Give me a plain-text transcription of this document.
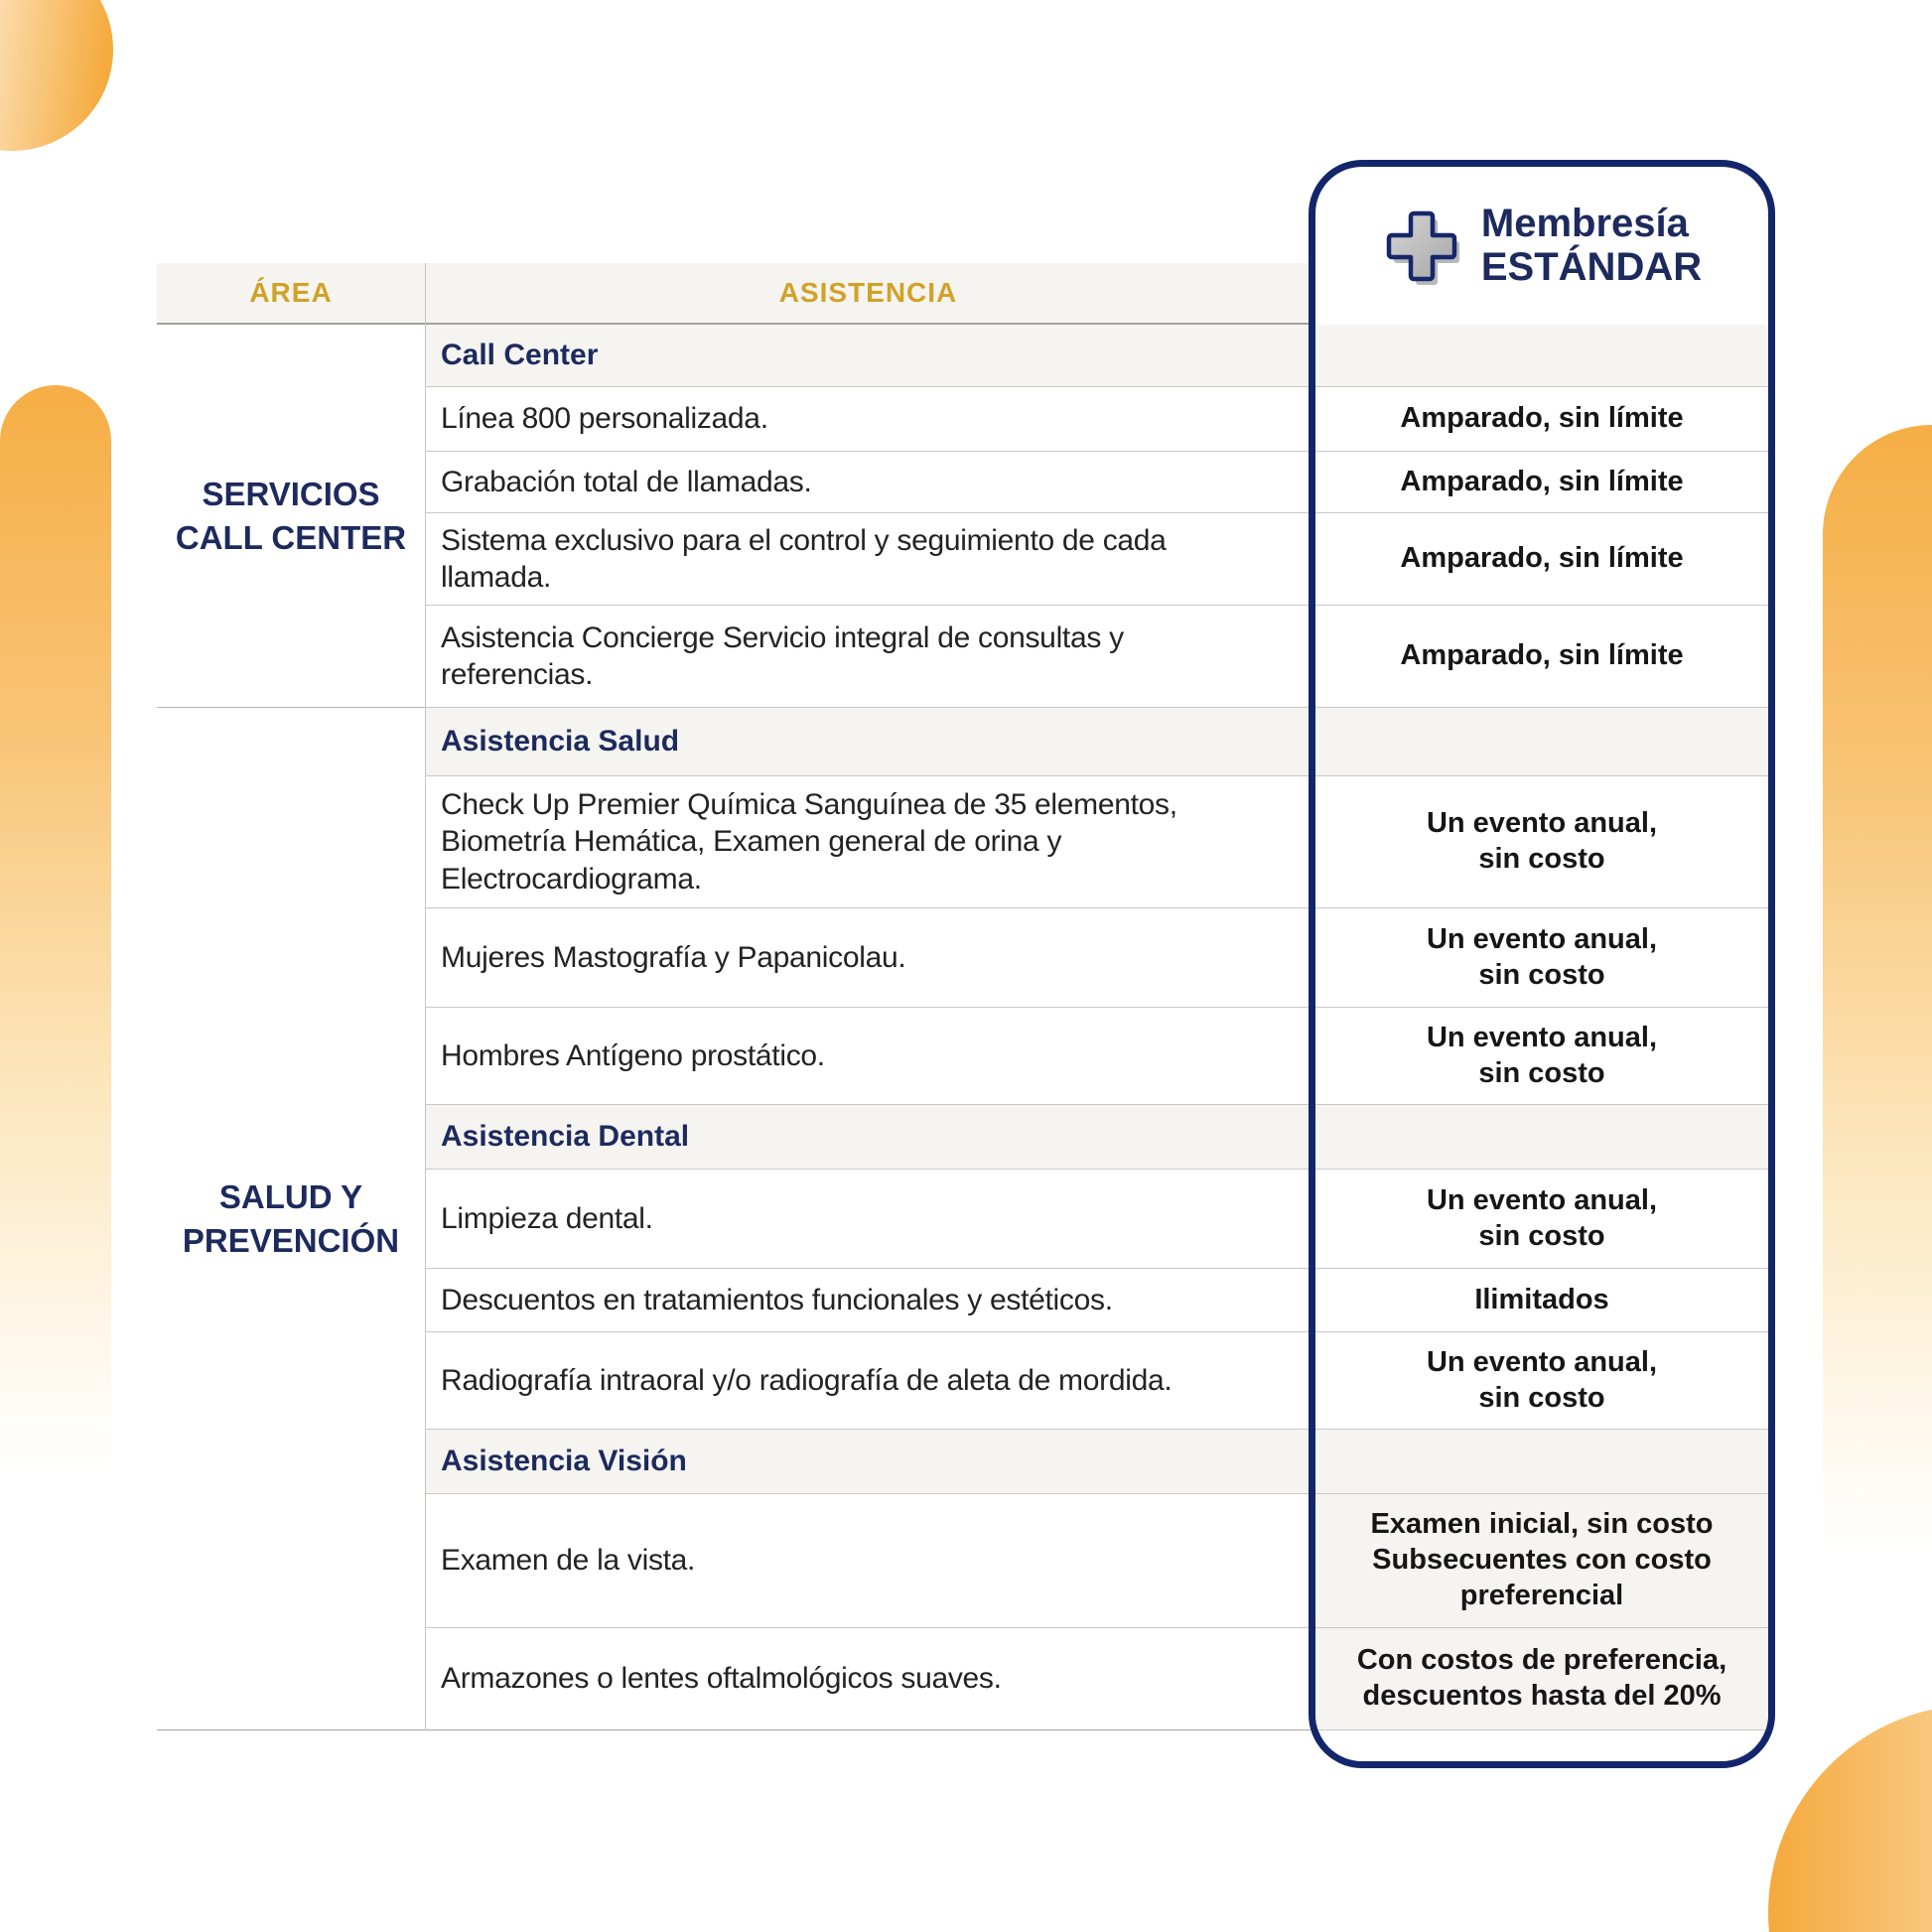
ÁREA
SERVICIOS CALL CENTER
SALUD Y PREVENCIÓN
ASISTENCIA
Call Center
Línea 800 personalizada.
Grabación total de llamadas.
Sistema exclusivo para el control y seguimiento de cada llamada.
Asistencia Concierge Servicio integral de consultas y referencias.
Asistencia Salud
Check Up Premier Química Sanguínea de 35 elementos, Biometría Hemática, Examen general de orina y Electrocardiograma.
Mujeres Mastografía y Papanicolau.
Hombres Antígeno prostático.
Asistencia Dental
Limpieza dental.
Descuentos en tratamientos funcionales y estéticos.
Radiografía intraoral y/o radiografía de aleta de mordida.
Asistencia Visión
Examen de la vista.
Armazones o lentes oftalmológicos suaves.
Membresía
ESTÁNDAR
Amparado, sin límite
Amparado, sin límite
Amparado, sin límite
Amparado, sin límite
Un evento anual,
sin costo
Un evento anual,
sin costo
Un evento anual,
sin costo
Un evento anual,
sin costo
Ilimitados
Un evento anual,
sin costo
Examen inicial, sin costo
Subsecuentes con costo
preferencial
Con costos de preferencia,
descuentos hasta del 20%
